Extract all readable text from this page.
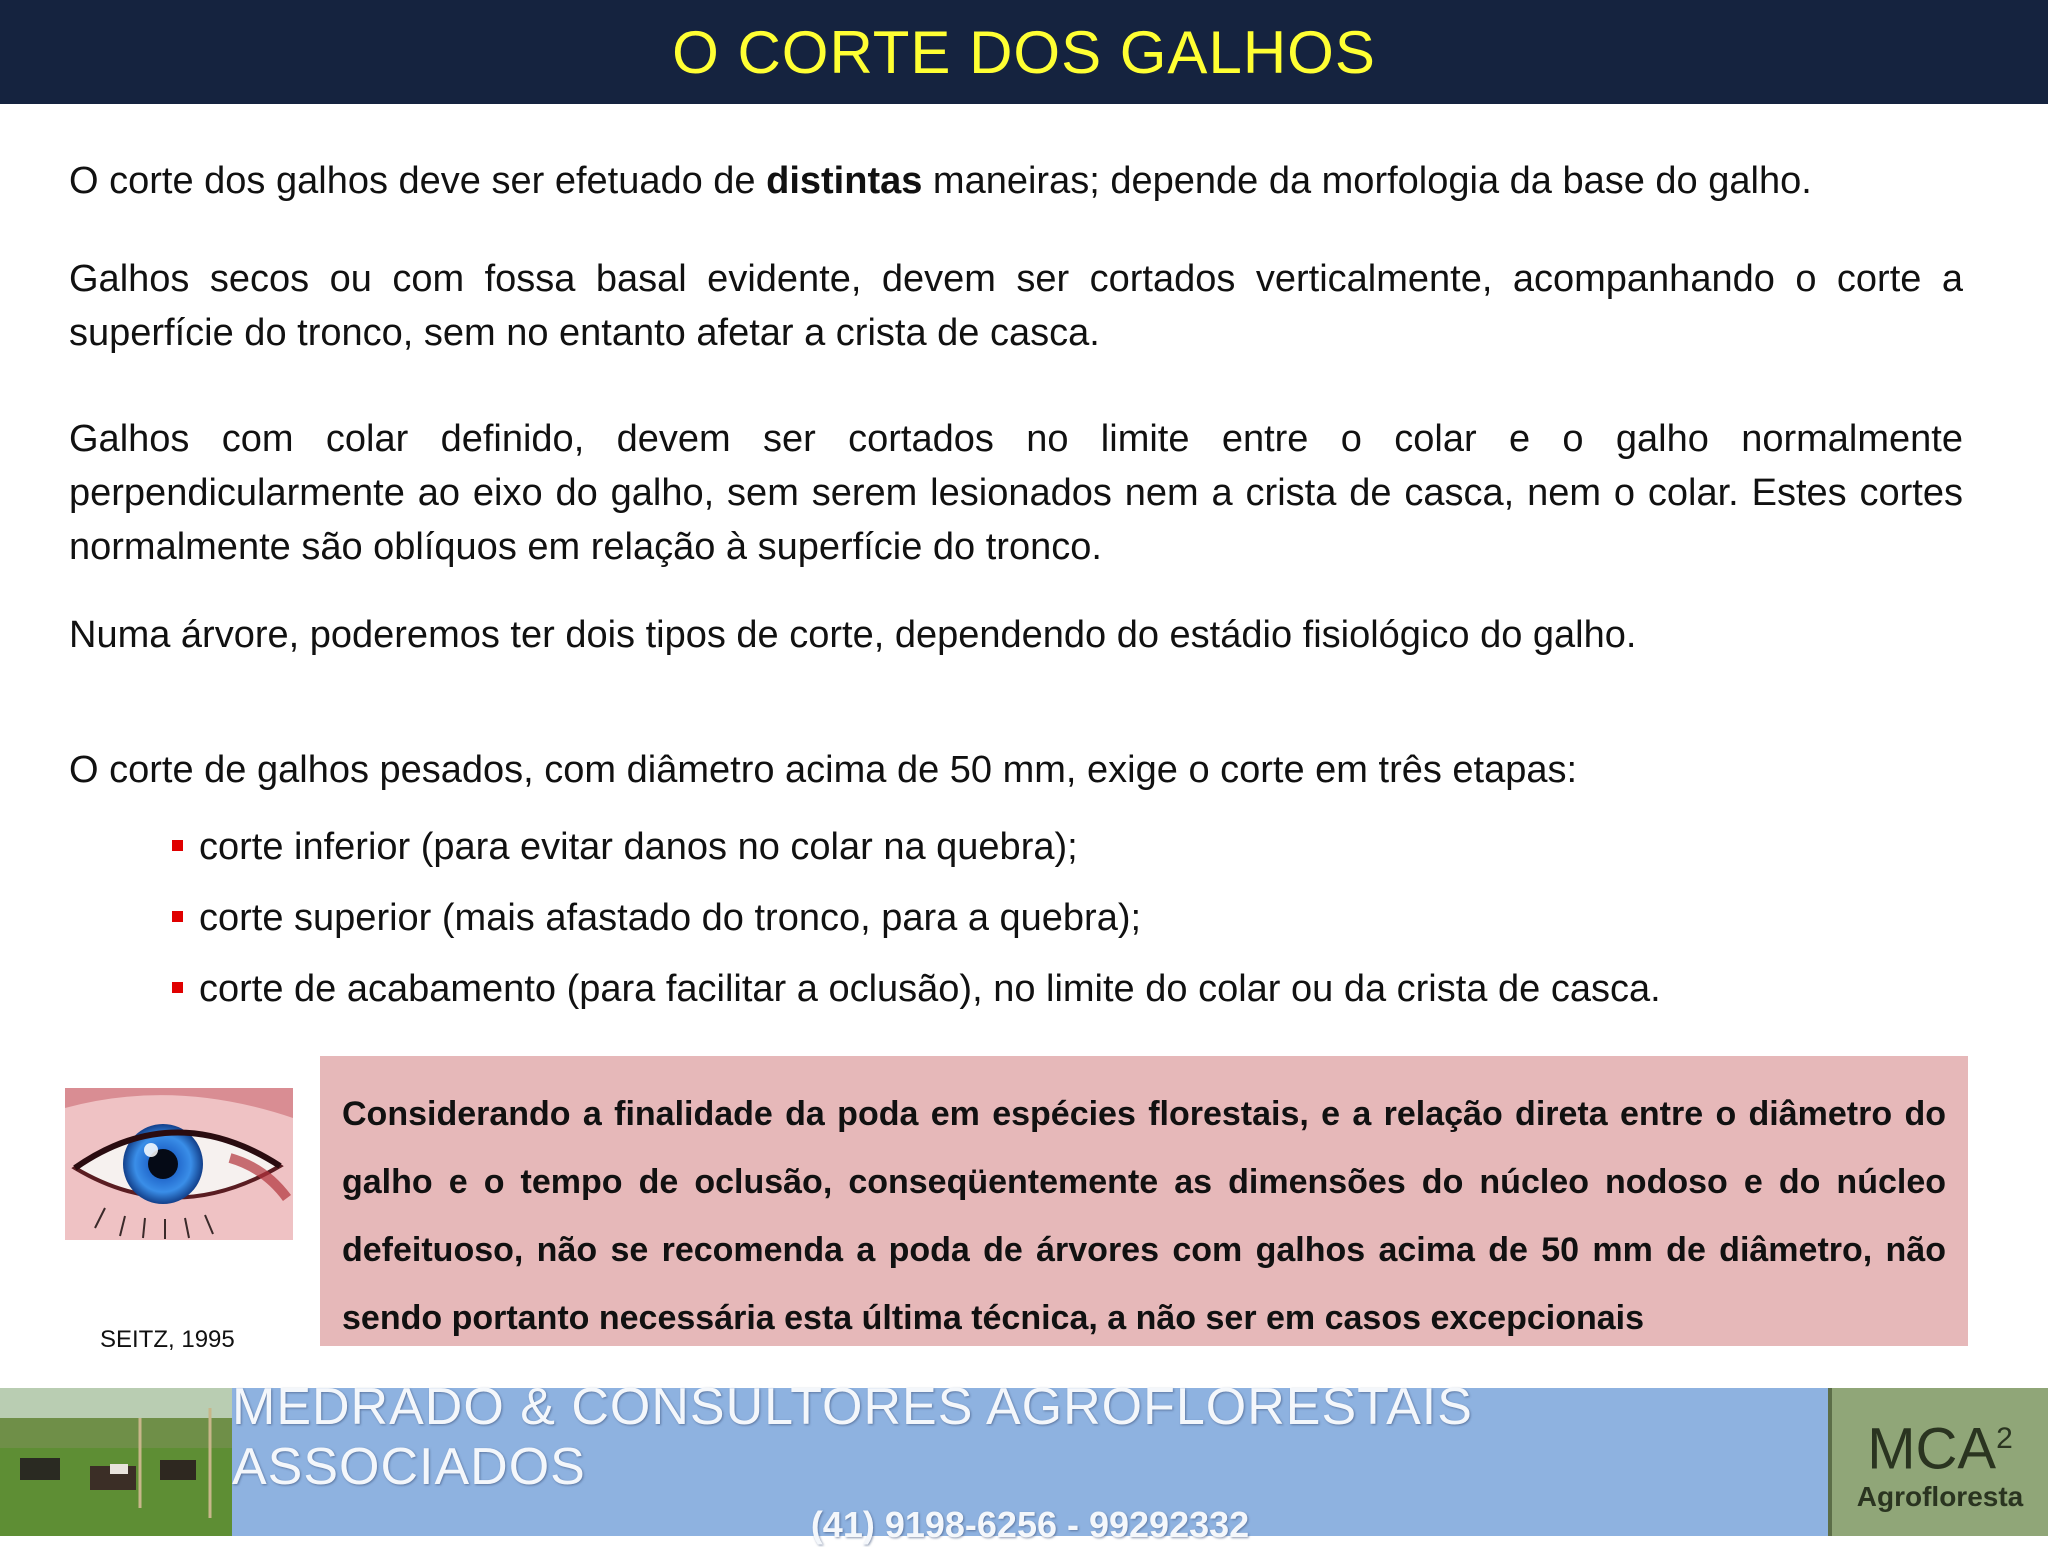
O CORTE DOS GALHOS

O corte dos galhos deve ser efetuado de distintas maneiras; depende da morfologia da base do galho.

Galhos secos ou com fossa basal evidente, devem ser cortados verticalmente, acompanhando o corte a superfície do tronco, sem no entanto afetar a crista de casca.

Galhos com colar definido, devem ser cortados no limite entre o colar e o galho normalmente perpendicularmente ao eixo do galho, sem serem lesionados nem a crista de casca, nem o colar. Estes cortes normalmente são oblíquos em relação à superfície do tronco.

Numa árvore, poderemos ter dois tipos de corte, dependendo do estádio fisiológico do galho.

O corte de galhos pesados, com diâmetro acima de 50 mm, exige o corte em três etapas:

corte inferior (para evitar danos no colar na quebra);
corte superior (mais afastado do tronco, para a quebra);
corte de acabamento (para facilitar a oclusão), no limite do colar ou da crista de casca.
SEITZ, 1995

Considerando a finalidade da poda em espécies florestais, e a relação direta entre o diâmetro do galho e o tempo de oclusão, conseqüentemente as dimensões do núcleo nodoso e do núcleo defeituoso, não se recomenda a poda de árvores com galhos acima de 50 mm de diâmetro, não sendo portanto necessária esta última técnica, a não ser em casos excepcionais

MEDRADO & CONSULTORES AGROFLORESTAIS ASSOCIADOS
(41) 9198-6256 - 99292332
MCA$^2$
Agrofloresta
